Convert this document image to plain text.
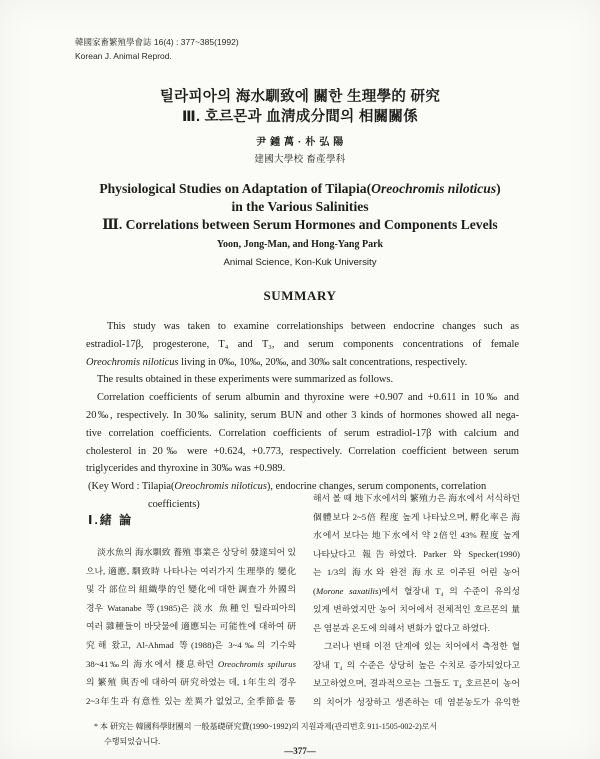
韓國家畜繁殖學會誌 16(4) : 377~385(1992)
Korean J. Animal Reprod.
틸라피아의 海水馴致에 關한 生理學的 研究
Ⅲ. 호르몬과 血淸成分間의 相關關係
尹 鍾 萬 · 朴 弘 陽
建國大學校 畜產學科
Physiological Studies on Adaptation of Tilapia(Oreochromis niloticus)
in the Various Salinities
Ⅲ. Correlations between Serum Hormones and Components Levels
Yoon, Jong-Man, and Hong-Yang Park
Animal Science, Kon-Kuk University
SUMMARY
This study was taken to examine correlationships between endocrine changes such as
estradiol-17β, progesterone, T₄ and T₃, and serum components concentrations of female
Oreochromis niloticus living in 0‰, 10‰, 20‰, and 30‰ salt concentrations, respectively.
The results obtained in these experiments were summarized as follows.
Correlation coefficients of serum albumin and thyroxine were +0.907 and +0.611 in 10‰ and
20‰, respectively. In 30‰ salinity, serum BUN and other 3 kinds of hormones showed all nega-
tive correlation coefficients. Correlation coefficients of serum estradiol-17β with calcium and
cholesterol in 20‰ were +0.624, +0.773, respectively. Correlation coefficient between serum
triglycerides and thyroxine in 30‰ was +0.989.
(Key Word : Tilapia(Oreochromis niloticus), endocrine changes, serum components, correlation
coefficients)
Ⅰ.緒 論
淡水魚의 海水馴致 養殖 事業은 상당히 發達되어 있
으나, 適應, 馴致時 나타나는 여러가지 生理學的 變化
및 각 部位의 組織學的인 變化에 대한 調査가 外國의
경우 Watanabe 等(1985)은 淡水 魚種인 틸라피아의
여러 雜種들이 바닷물에 適應되는 可能性에 대하여 研
究해 왔고, Al-Ahmad 等(1988)은 3~4‰의 기수와
38~41‰의 海水에서 棲息하던 Oreochromis spilurus
의 繁殖 與否에 대하여 研究하였는 데, 1年生의 경우
2~3年生과 有意性 있는 差異가 없었고, 全季節을 통
해서 볼 때 地下水에서의 繁殖力은 海水에서 서식하던
個體보다 2~5倍 程度 높게 나타났으며, 孵化率은 海
水에서 보다는 地下水에서 약 2倍인 43% 程度 높게
나타났다고 報告하였다. Parker 와 Specker(1990)
는 1/3의 海水와 완전 海水로 이주된 어린 농어
(Morone saxatilis)에서 혈장내 T₄ 의 수준이 유의성
있게 변하였지만 농어 치어에서 전체적인 호르몬의 量
은 염분과 온도에 의해서 변화가 없다고 하였다.
그러나 변태 이전 단계에 있는 치어에서 측정한 혈
장내 T₄ 의 수준은 상당히 높은 수치로 증가되었다고
보고하였으며, 결과적으로는 그들도 T₄ 호르몬이 농어
의 치어가 성장하고 생존하는 데 염분농도가 유익한
* 本 研究는 韓國科學財團의 一般基礎研究費(1990~1992)의 지원과제(관리번호 911-1505-002-2)로서
수행되었습니다.
—377—
